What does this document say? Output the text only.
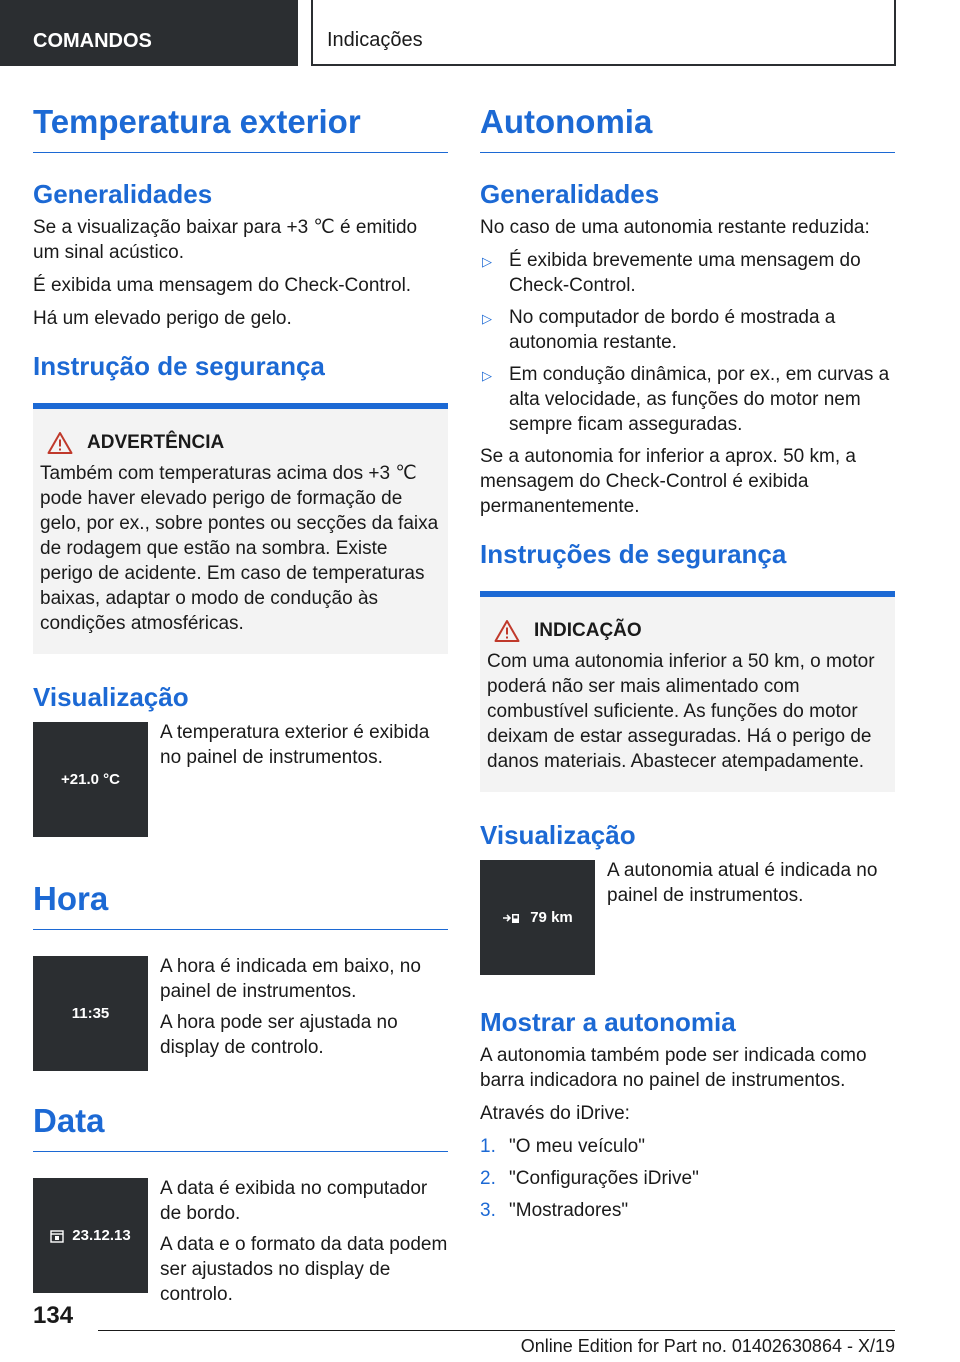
COMANDOS	Indicações
Temperatura exterior
Generalidades

Se a visualização baixar para +3 ℃ é emitido um sinal acústico.

É exibida uma mensagem do Check-Control.

Há um elevado perigo de gelo.

Instrução de segurança
ADVERTÊNCIA

Também com temperaturas acima dos +3 ℃ pode haver elevado perigo de formação de gelo, por ex., sobre pontes ou secções da faixa de rodagem que estão na sombra. Existe perigo de acidente. Em caso de temperaturas baixas, adaptar o modo de condução às condições atmosféricas.

Visualização
+21.0 °C

A temperatura exterior é exibida no painel de instrumentos.

Hora
11:35

A hora é indicada em baixo, no painel de instrumentos.

A hora pode ser ajustada no display de controlo.

Data
23.12.13

A data é exibida no computador de bordo.

A data e o formato da data podem ser ajustados no display de controlo.

Autonomia
Generalidades

No caso de uma autonomia restante reduzida:

▷ É exibida brevemente uma mensagem do Check-Control.
▷ No computador de bordo é mostrada a autonomia restante.
▷ Em condução dinâmica, por ex., em curvas a alta velocidade, as funções do motor nem sempre ficam asseguradas.

Se a autonomia for inferior a aprox. 50 km, a mensagem do Check-Control é exibida permanentemente.

Instruções de segurança
INDICAÇÃO

Com uma autonomia inferior a 50 km, o motor poderá não ser mais alimentado com combustível suficiente. As funções do motor deixam de estar asseguradas. Há o perigo de danos materiais. Abastecer atempadamente.

Visualização
79 km

A autonomia atual é indicada no painel de instrumentos.

Mostrar a autonomia

A autonomia também pode ser indicada como barra indicadora no painel de instrumentos.

Através do iDrive:

1. "O meu veículo"
2. "Configurações iDrive"
3. "Mostradores"
134
Online Edition for Part no. 01402630864 - X/19
